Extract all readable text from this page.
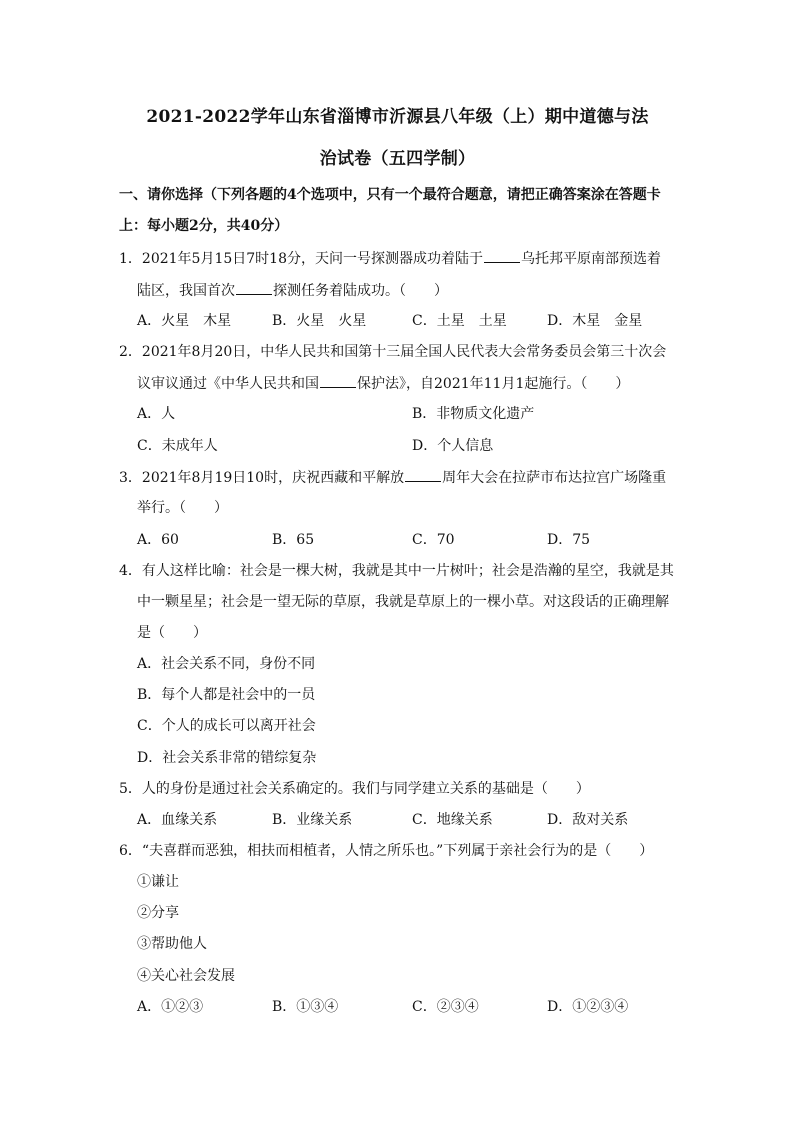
2021-2022学年山东省淄博市沂源县八年级（上）期中道德与法
治试卷（五四学制）
一、请你选择（下列各题的4个选项中，只有一个最符合题意，请把正确答案涂在答题卡
上：每小题2分，共40分）
1．2021年5月15日7时18分，天问一号探测器成功着陆于	乌托邦平原南部预选着
陆区，我国首次	探测任务着陆成功。（　　）
A．火星　木星	B．火星　火星	C．土星　土星	D．木星　金星
2．2021年8月20日，中华人民共和国第十三届全国人民代表大会常务委员会第三十次会
议审议通过《中华人民共和国	保护法》，自2021年11月1起施行。（　　）
A．人	B．非物质文化遗产
C．未成年人	D．个人信息
3．2021年8月19日10时，庆祝西藏和平解放	周年大会在拉萨市布达拉宫广场隆重
举行。（　　）
A．60	B．65	C．70	D．75
4．有人这样比喻：社会是一棵大树，我就是其中一片树叶；社会是浩瀚的星空，我就是其
中一颗星星；社会是一望无际的草原，我就是草原上的一棵小草。对这段话的正确理解
是（　　）
A．社会关系不同，身份不同
B．每个人都是社会中的一员
C．个人的成长可以离开社会
D．社会关系非常的错综复杂
5．人的身份是通过社会关系确定的。我们与同学建立关系的基础是（　　）
A．血缘关系	B．业缘关系	C．地缘关系	D．敌对关系
6．“夫喜群而恶独，相扶而相植者，人情之所乐也。”下列属于亲社会行为的是（　　）
①谦让
②分享
③帮助他人
④关心社会发展
A．①②③	B．①③④	C．②③④	D．①②③④
